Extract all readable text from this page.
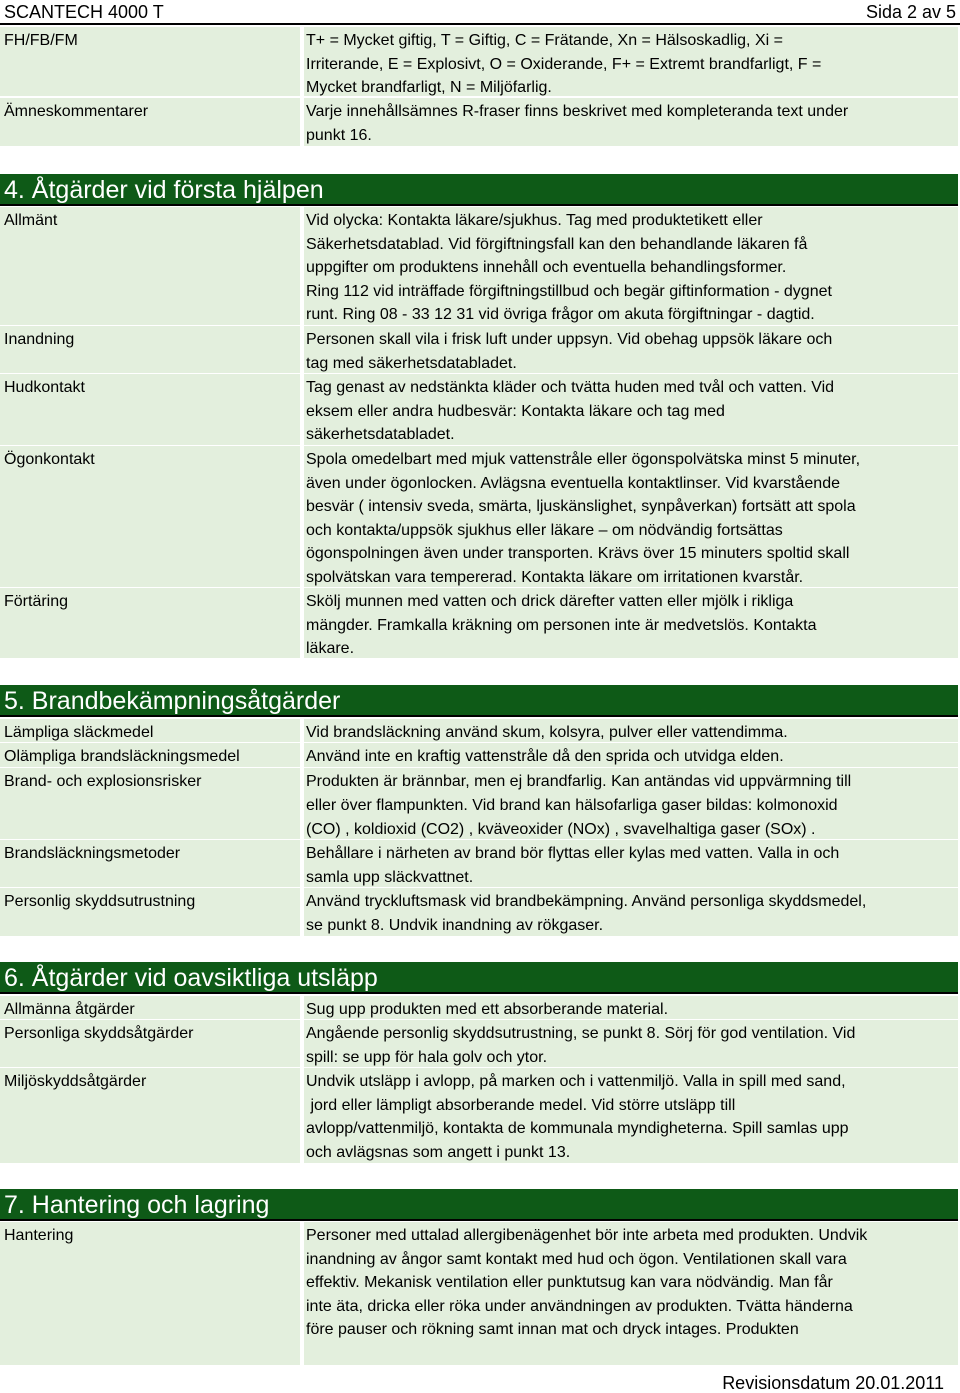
SCANTECH 4000 T	Sida 2 av 5
FH/FB/FM	T+ = Mycket giftig, T = Giftig, C = Frätande, Xn = Hälsoskadlig, Xi =
Irriterande, E = Explosivt, O = Oxiderande, F+ = Extremt brandfarligt, F =
Mycket brandfarligt, N = Miljöfarlig.
Ämneskommentarer	Varje innehållsämnes R-fraser finns beskrivet med kompleteranda text under
punkt 16.
4. Åtgärder vid första hjälpen
Allmänt	Vid olycka: Kontakta läkare/sjukhus. Tag med produktetikett eller
Säkerhetsdatablad. Vid förgiftningsfall kan den behandlande läkaren få
uppgifter om produktens innehåll och eventuella behandlingsformer.
Ring 112 vid inträffade förgiftningstillbud och begär giftinformation - dygnet
runt. Ring 08 - 33 12 31 vid övriga frågor om akuta förgiftningar - dagtid.
Inandning	Personen skall vila i frisk luft under uppsyn. Vid obehag uppsök läkare och
tag med säkerhetsdatabladet.
Hudkontakt	Tag genast av nedstänkta kläder och tvätta huden med tvål och vatten. Vid
eksem eller andra hudbesvär: Kontakta läkare och tag med
säkerhetsdatabladet.
Ögonkontakt	Spola omedelbart med mjuk vattenstråle eller ögonspolvätska minst 5 minuter,
även under ögonlocken. Avlägsna eventuella kontaktlinser. Vid kvarstående
besvär ( intensiv sveda, smärta, ljuskänslighet, synpåverkan) fortsätt att spola
och kontakta/uppsök sjukhus eller läkare – om nödvändig fortsättas
ögonspolningen även under transporten. Krävs över 15 minuters spoltid skall
spolvätskan vara tempererad. Kontakta läkare om irritationen kvarstår.
Förtäring	Skölj munnen med vatten och drick därefter vatten eller mjölk i rikliga
mängder. Framkalla kräkning om personen inte är medvetslös. Kontakta
läkare.
5. Brandbekämpningsåtgärder
Lämpliga släckmedel	Vid brandsläckning använd skum, kolsyra, pulver eller vattendimma.
Olämpliga brandsläckningsmedel	Använd inte en kraftig vattenstråle då den sprida och utvidga elden.
Brand- och explosionsrisker	Produkten är brännbar, men ej brandfarlig. Kan antändas vid uppvärmning till
eller över flampunkten. Vid brand kan hälsofarliga gaser bildas: kolmonoxid
(CO) , koldioxid (CO2) , kväveoxider (NOx) , svavelhaltiga gaser (SOx) .
Brandsläckningsmetoder	Behållare i närheten av brand bör flyttas eller kylas med vatten. Valla in och
samla upp släckvattnet.
Personlig skyddsutrustning	Använd tryckluftsmask vid brandbekämpning. Använd personliga skyddsmedel,
se punkt 8. Undvik inandning av rökgaser.
6. Åtgärder vid oavsiktliga utsläpp
Allmänna åtgärder	Sug upp produkten med ett absorberande material.
Personliga skyddsåtgärder	Angående personlig skyddsutrustning, se punkt 8. Sörj för god ventilation. Vid
spill: se upp för hala golv och ytor.
Miljöskyddsåtgärder	Undvik utsläpp i avlopp, på marken och i vattenmiljö. Valla in spill med sand,
jord eller lämpligt absorberande medel. Vid större utsläpp till
avlopp/vattenmiljö, kontakta de kommunala myndigheterna. Spill samlas upp
och avlägsnas som angett i punkt 13.
7. Hantering och lagring
Hantering	Personer med uttalad allergibenägenhet bör inte arbeta med produkten. Undvik
inandning av ångor samt kontakt med hud och ögon. Ventilationen skall vara
effektiv. Mekanisk ventilation eller punktutsug kan vara nödvändig. Man får
inte äta, dricka eller röka under användningen av produkten. Tvätta händerna
före pauser och rökning samt innan mat och dryck intages. Produkten
Revisionsdatum 20.01.2011
